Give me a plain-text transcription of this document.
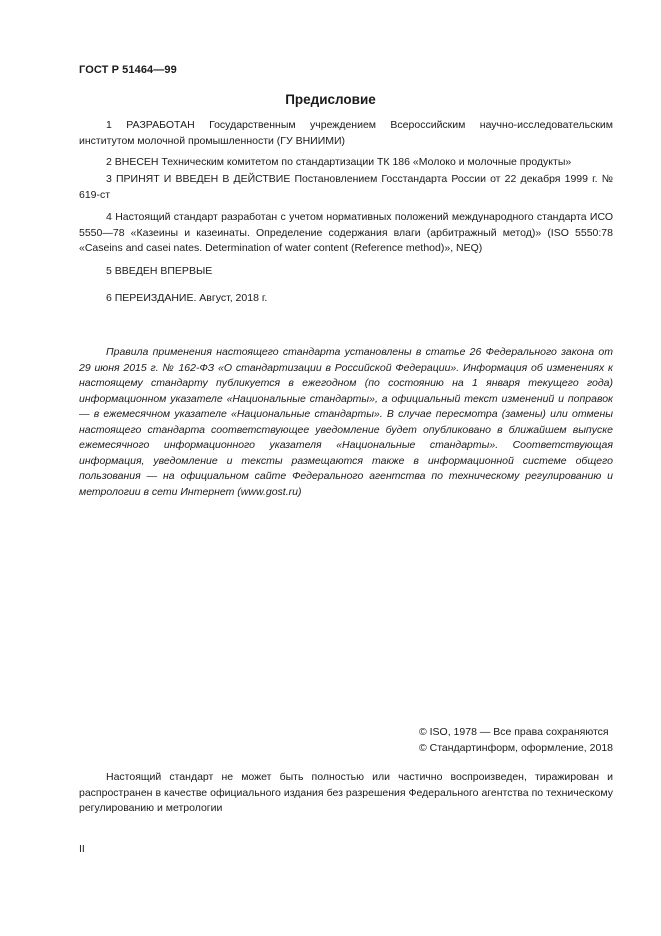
ГОСТ Р 51464—99
Предисловие

1 РАЗРАБОТАН Государственным учреждением Всероссийским научно-исследовательским институтом молочной промышленности (ГУ ВНИИМИ)

2 ВНЕСЕН Техническим комитетом по стандартизации ТК 186 «Молоко и молочные продукты»

3 ПРИНЯТ И ВВЕДЕН В ДЕЙСТВИЕ Постановлением Госстандарта России от 22 декабря 1999 г. № 619-ст

4 Настоящий стандарт разработан с учетом нормативных положений международного стандарта ИСО 5550—78 «Казеины и казеинаты. Определение содержания влаги (арбитражный метод)» (ISO 5550:78 «Caseins and casei nates. Determination of water content (Reference method)», NEQ)

5 ВВЕДЕН ВПЕРВЫЕ

6 ПЕРЕИЗДАНИЕ. Август, 2018 г.

Правила применения настоящего стандарта установлены в статье 26 Федерального закона от 29 июня 2015 г. № 162-ФЗ «О стандартизации в Российской Федерации». Информация об изменениях к настоящему стандарту публикуется в ежегодном (по состоянию на 1 января текущего года) информационном указателе «Национальные стандарты», а официальный текст изменений и поправок — в ежемесячном указателе «Национальные стандарты». В случае пересмотра (замены) или отмены настоящего стандарта соответствующее уведомление будет опубликовано в ближайшем выпуске ежемесячного информационного указателя «Национальные стандарты». Соответствующая информация, уведомление и тексты размещаются также в информационной системе общего пользования — на официальном сайте Федерального агентства по техническому регулированию и метрологии в сети Интернет (www.gost.ru)

© ISO, 1978 — Все права сохраняются
© Стандартинформ, оформление, 2018

Настоящий стандарт не может быть полностью или частично воспроизведен, тиражирован и распространен в качестве официального издания без разрешения Федерального агентства по техническому регулированию и метрологии

II
